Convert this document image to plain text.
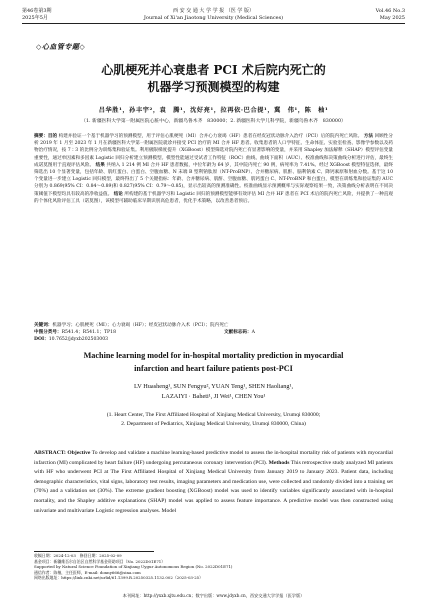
第46卷第3期
2025年5月
西 安 交 通 大 学 学 报 （医 学 版）
Journal of Xi'an Jiaotong University (Medical Sciences)
Vol.46 No.3
May 2025
◇心血管专题◇
心肌梗死并心衰患者 PCI 术后院内死亡的
机器学习预测模型的构建
吕华胜¹，孙丰宇²，袁　腾¹，沈好亮¹，拉再依·巴合提¹，冀　伟¹，陈　柚¹
（1. 新疆医科大学第一附属医院心脏中心，新疆乌鲁木齐　830000；2. 新疆医科大学儿科学院，新疆乌鲁木齐　830000）
摘要：目的 构建并验证一个基于机器学习的预测模型，用于评估心肌梗死（MI）合并心力衰竭（HF）患者在经皮冠状动脉介入治疗（PCI）后的院内死亡风险。 方法 回顾性分析 2019 年 1 月至 2023 年 1 月在新疆医科大学第一附属医院就诊并接受 PCI 治疗的 MI 合并 HF 患者。收集患者的人口学特征、生命体征、实验室检查、影像学参数以及药物治疗情况，按 7∶3 的比例分为训练集和验证集。利用极限梯度提升（XGBoost）模型筛选对院内死亡有显著影响的变量，并采用 Shapley 加法解释（SHAP）模型评估变量重要性，通过单因素和多因素 Logistic 回归分析建立预测模型。模型性能通过受试者工作特征（ROC）曲线、曲线下面积（AUC）、校准曲线和决策曲线分析进行评估，最终生成诺莫图用于直观评估风险。 结果 共纳入 1 214 例 MI 合并 HF 患者数据，中位年龄为 64 岁，其中院内死亡 90 例，病死率为 7.41%。经过 XGBoost 模型特征选择，最终筛选出 10 个显著变量，包括年龄、肌红蛋白、白蛋白、空腹血糖、N 末端 B 型利钠肽原（NT-ProBNP）、合并糖尿病、肌酐、脑利钠素 C、降钙素原和射血分数。基于这 10 个变量进一步建立 Logistic 回归模型，最终得出了 5 个关键指标：年龄、合并糖尿病、肌酐、空腹血糖、肌钙蛋白 C、NT-ProBNP 和白蛋白，模型在训练集和验证集的 AUC 分别为 0.869(95% CI：0.84～0.89)和 0.827(95% CI：0.79～0.85)，显示出较高的预测准确性。校准曲线显示预测概率与实际观察结果一致，决策曲线分析表明在不同决策阈值下模型均具有较高的净收益值。 结论 所构建的基于机器学习和 Logistic 回归的预测模型能够有效评估 MI 合并 HF 患者在 PCI 术后的院内死亡风险，并提供了一种直观的个体化风险评估工具（诺莫图），该模型可辅助临床早期识别高危患者，优化手术策略，以改善患者预后。
关键词：机器学习；心肌梗死（MI）；心力衰竭（HF）；经皮冠状动脉介入术（PCI）；院内死亡
中图分类号：R541.4；R541.1；TP18	文献标志码：A
DOI：10.7652/jdyxb202503003
Machine learning model for in-hospital mortality prediction in myocardial
infarction and heart failure patients post-PCI
LV Huasheng¹, SUN Fengyu², YUAN Teng¹, SHEN Haoliang¹,
LAZAIYI · Baheti¹, JI Wei¹, CHEN You¹
(1. Heart Center, The First Affiliated Hospital of Xinjiang Medical University, Urumqi 830000;
2. Department of Pediatrics, Xinjiang Medical University, Urumqi 830000, China)
ABSTRACT: Objective To develop and validate a machine learning-based predictive model to assess the in-hospital mortality risk of patients with myocardial infarction (MI) complicated by heart failure (HF) undergoing percutaneous coronary intervention (PCI). Methods This retrospective study analyzed MI patients with HF who underwent PCI at The First Affiliated Hospital of Xinjiang Medical University from January 2019 to January 2023. Patient data, including demographic characteristics, vital signs, laboratory test results, imaging parameters and medication use, were collected and randomly divided into a training set (70%) and a validation set (30%). The extreme gradient boosting (XGBoost) model was used to identify variables significantly associated with in-hospital mortality, and the Shapley additive explanations (SHAP) model was applied to assess feature importance. A predictive model was then constructed using univariate and multivariate Logistic regression analyses. Model
收稿日期：2024-12-03　修回日期：2025-02-09
基金项目：新疆维吾尔自治区自然科学基金资助项目（No. 2022D01E71）
Supported by Natural Science Foundation of Xinjiang Uygur Autonomous Region (No. 2022D01E71)
通信作者：陈柚，主任医师，E-mail: donny666@sina.com
网络出版地址：https://link.cnki.net/urlid/61.1399.R.20250325.1132.002（2025-03-25）
本刊网址：http://yxxb.xjtu.edu.cn；数字出版：www.jdyxb.cn，西安交通大学学报（医学版）
